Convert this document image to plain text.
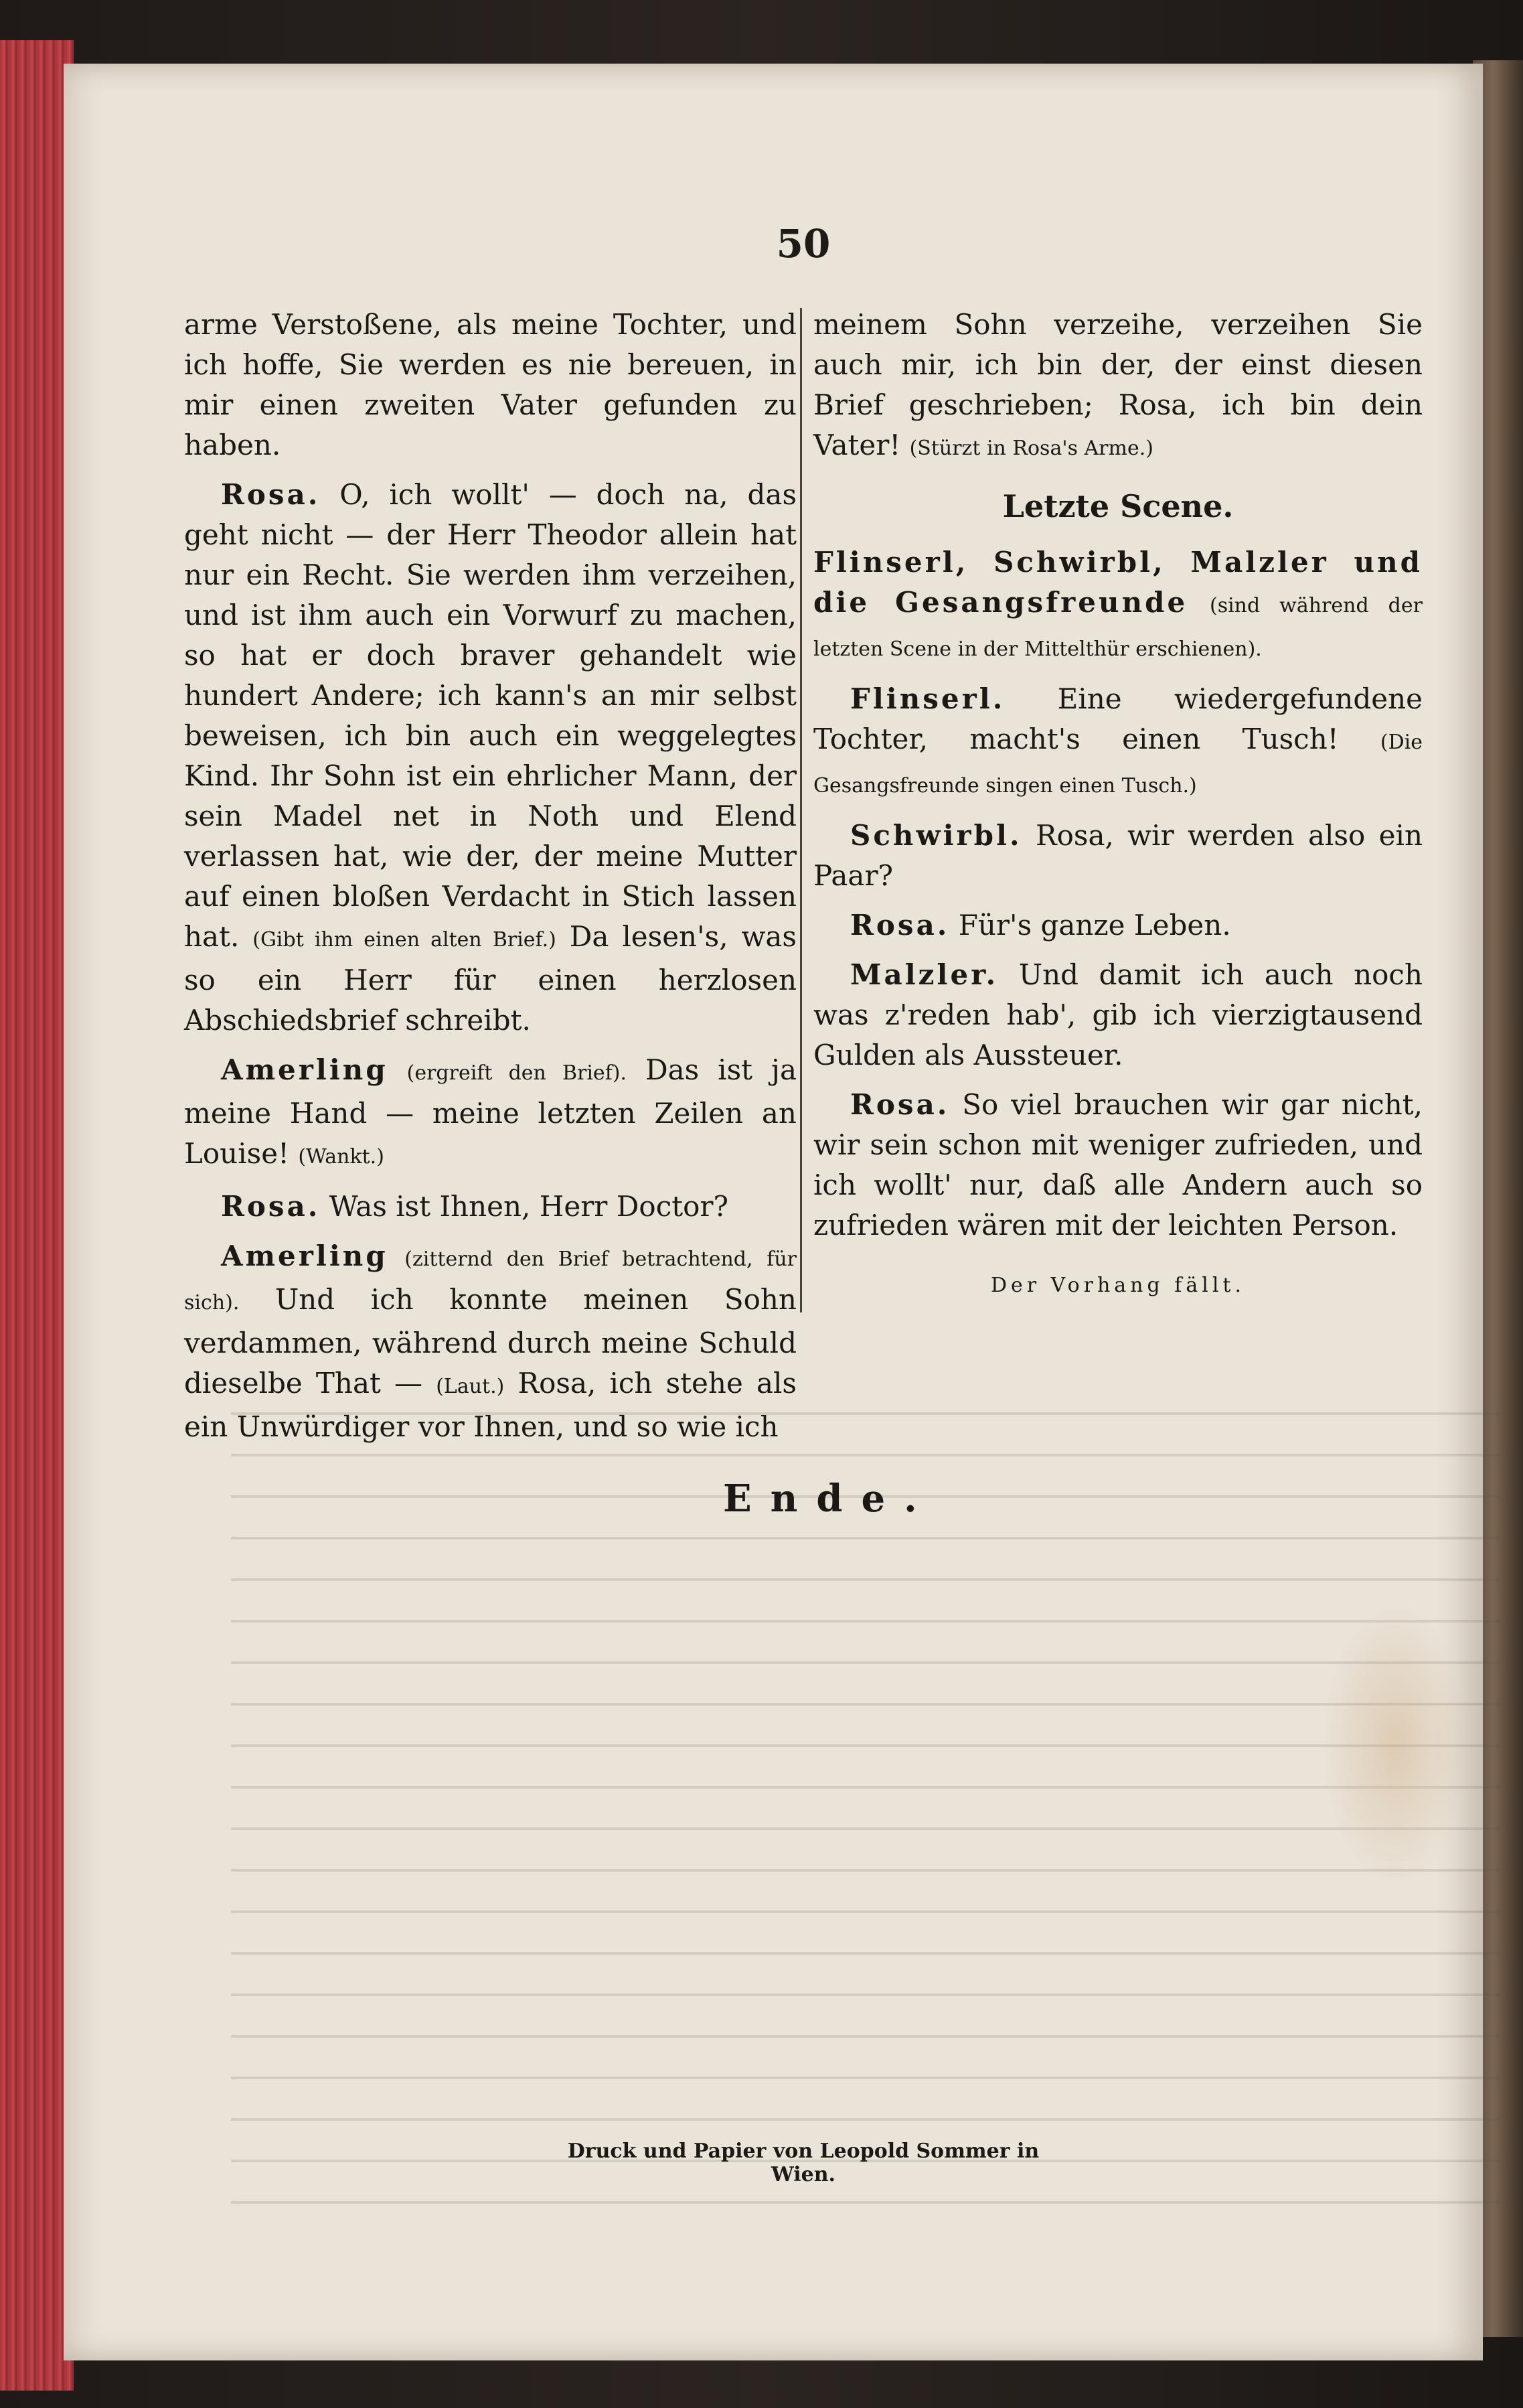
50

arme Verstoßene, als meine Tochter, und ich hoffe, Sie werden es nie bereuen, in mir einen zweiten Vater gefunden zu haben.

Rosa. O, ich wollt' — doch na, das geht nicht — der Herr Theodor allein hat nur ein Recht. Sie werden ihm verzeihen, und ist ihm auch ein Vorwurf zu machen, so hat er doch braver gehandelt wie hundert Andere; ich kann's an mir selbst beweisen, ich bin auch ein weggelegtes Kind. Ihr Sohn ist ein ehrlicher Mann, der sein Madel net in Noth und Elend verlassen hat, wie der, der meine Mutter auf einen bloßen Verdacht in Stich lassen hat. (Gibt ihm einen alten Brief.) Da lesen's, was so ein Herr für einen herzlosen Abschiedsbrief schreibt.

Amerling (ergreift den Brief). Das ist ja meine Hand — meine letzten Zeilen an Louise! (Wankt.)

Rosa. Was ist Ihnen, Herr Doctor?

Amerling (zitternd den Brief betrachtend, für sich). Und ich konnte meinen Sohn verdammen, während durch meine Schuld dieselbe That — (Laut.) Rosa, ich stehe als ein Unwürdiger vor Ihnen, und so wie ich

meinem Sohn verzeihe, verzeihen Sie auch mir, ich bin der, der einst diesen Brief geschrieben; Rosa, ich bin dein Vater! (Stürzt in Rosa's Arme.)

Letzte Scene.

Flinserl, Schwirbl, Malzler und die Gesangsfreunde (sind während der letzten Scene in der Mittelthür erschienen).

Flinserl. Eine wiedergefundene Tochter, macht's einen Tusch! (Die Gesangsfreunde singen einen Tusch.)

Schwirbl. Rosa, wir werden also ein Paar?

Rosa. Für's ganze Leben.

Malzler. Und damit ich auch noch was z'reden hab', gib ich vierzigtausend Gulden als Aussteuer.

Rosa. So viel brauchen wir gar nicht, wir sein schon mit weniger zufrieden, und ich wollt' nur, daß alle Andern auch so zufrieden wären mit der leichten Person.

Der Vorhang fällt.
Ende.
Druck und Papier von Leopold Sommer in Wien.
